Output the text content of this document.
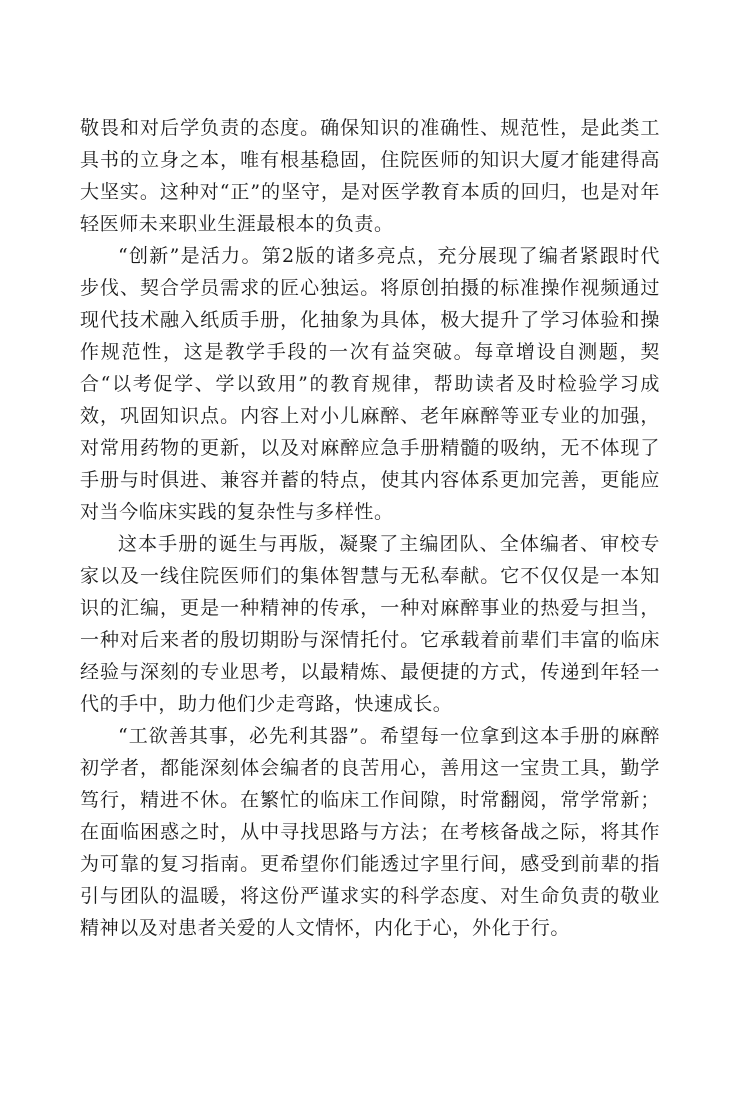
敬畏和对后学负责的态度。确保知识的准确性、规范性，是此类工具书的立身之本，唯有根基稳固，住院医师的知识大厦才能建得高大坚实。这种对“正”的坚守，是对医学教育本质的回归，也是对年轻医师未来职业生涯最根本的负责。

“创新”是活力。第2版的诸多亮点，充分展现了编者紧跟时代步伐、契合学员需求的匠心独运。将原创拍摄的标准操作视频通过现代技术融入纸质手册，化抽象为具体，极大提升了学习体验和操作规范性，这是教学手段的一次有益突破。每章增设自测题，契合“以考促学、学以致用”的教育规律，帮助读者及时检验学习成效，巩固知识点。内容上对小儿麻醉、老年麻醉等亚专业的加强，对常用药物的更新，以及对麻醉应急手册精髓的吸纳，无不体现了手册与时俱进、兼容并蓄的特点，使其内容体系更加完善，更能应对当今临床实践的复杂性与多样性。

这本手册的诞生与再版，凝聚了主编团队、全体编者、审校专家以及一线住院医师们的集体智慧与无私奉献。它不仅仅是一本知识的汇编，更是一种精神的传承，一种对麻醉事业的热爱与担当，一种对后来者的殷切期盼与深情托付。它承载着前辈们丰富的临床经验与深刻的专业思考，以最精炼、最便捷的方式，传递到年轻一代的手中，助力他们少走弯路，快速成长。

“工欲善其事，必先利其器”。希望每一位拿到这本手册的麻醉初学者，都能深刻体会编者的良苦用心，善用这一宝贵工具，勤学笃行，精进不休。在繁忙的临床工作间隙，时常翻阅，常学常新；在面临困惑之时，从中寻找思路与方法；在考核备战之际，将其作为可靠的复习指南。更希望你们能透过字里行间，感受到前辈的指引与团队的温暖，将这份严谨求实的科学态度、对生命负责的敬业精神以及对患者关爱的人文情怀，内化于心，外化于行。
